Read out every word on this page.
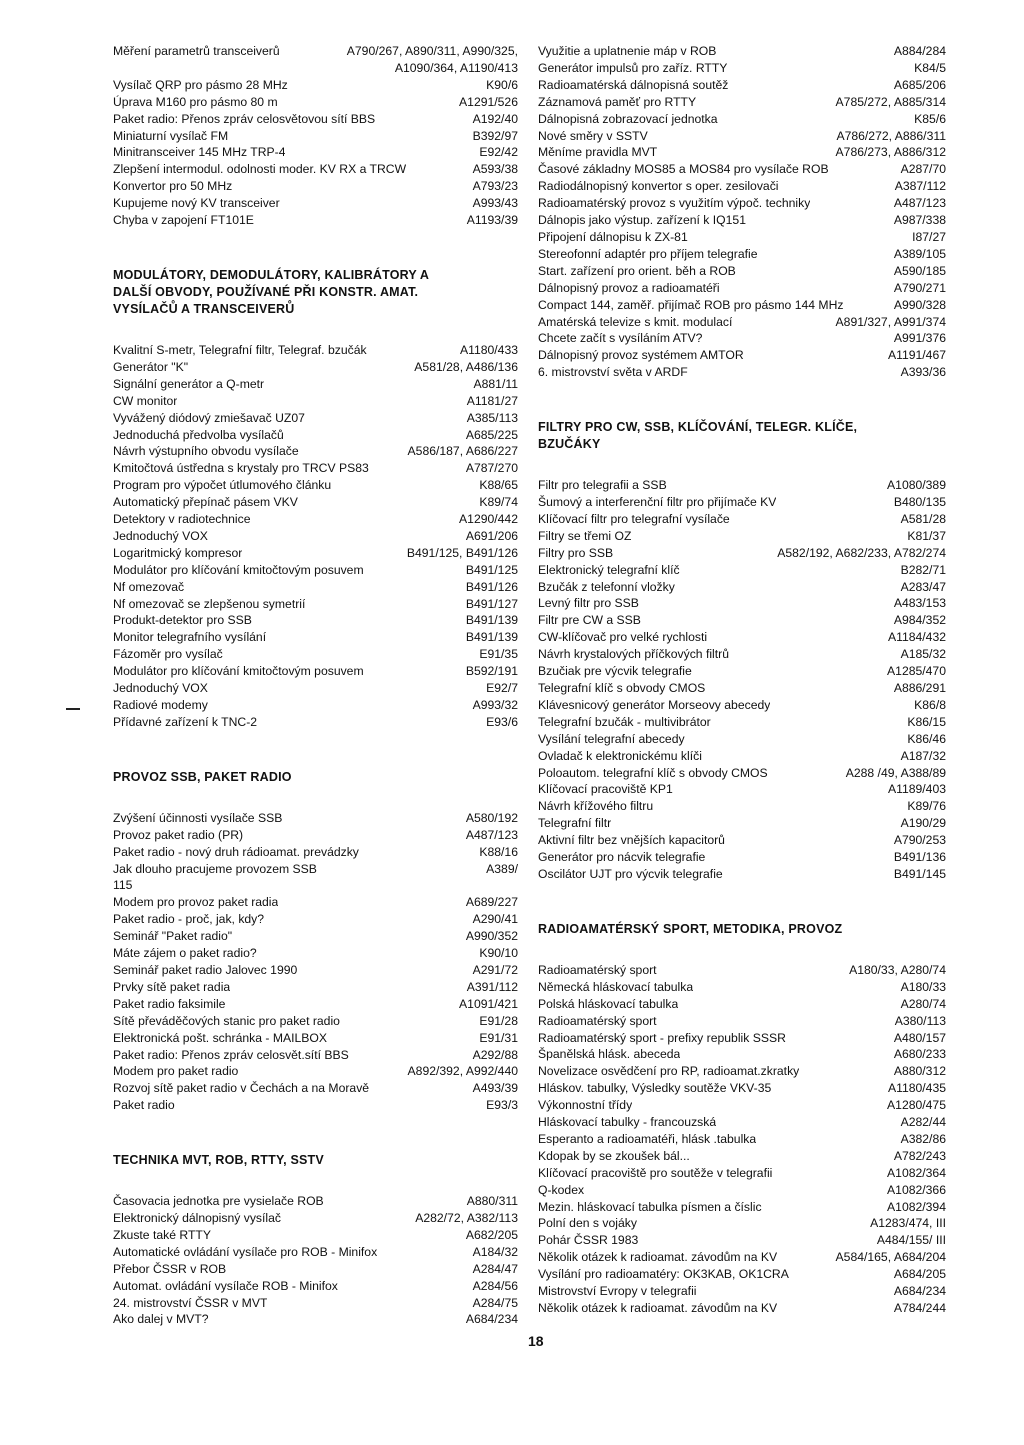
Měření parametrů transceiverů	A790/267, A890/311, A990/325,
A1090/364, A1190/413
Vysílač QRP pro pásmo 28 MHz	K90/6
Úprava M160 pro pásmo 80 m	A1291/526
Paket radio: Přenos zpráv celosvětovou sítí BBS	A192/40
Miniaturní vysílač FM	B392/97
Minitransceiver 145 MHz TRP-4	E92/42
Zlepšení intermodul. odolnosti moder. KV RX a TRCW	A593/38
Konvertor pro 50 MHz	A793/23
Kupujeme nový KV transceiver	A993/43
Chyba v zapojení FT101E	A1193/39
MODULÁTORY, DEMODULÁTORY, KALIBRÁTORY A
DALŠÍ OBVODY, POUŽÍVANÉ PŘI KONSTR. AMAT.
VYSÍLAČŮ A TRANSCEIVERŮ
Kvalitní S-metr, Telegrafní filtr, Telegraf. bzučák	A1180/433
Generátor "K"	A581/28, A486/136
Signální generátor a Q-metr	A881/11
CW monitor	A1181/27
Vyvážený diódový zmiešavač UZ07	A385/113
Jednoduchá předvolba vysílačů	A685/225
Návrh výstupního obvodu vysílače	A586/187, A686/227
Kmitočtová ústředna s krystaly pro TRCV PS83	A787/270
Program pro výpočet útlumového článku	K88/65
Automatický přepínač pásem VKV	K89/74
Detektory v radiotechnice	A1290/442
Jednoduchý VOX	A691/206
Logaritmický kompresor	B491/125, B491/126
Modulátor pro klíčování kmitočtovým posuvem	B491/125
Nf omezovač	B491/126
Nf omezovač se zlepšenou symetrií	B491/127
Produkt-detektor pro SSB	B491/139
Monitor telegrafního vysílání	B491/139
Fázoměr pro vysílač	E91/35
Modulátor pro klíčování kmitočtovým posuvem	B592/191
Jednoduchý VOX	E92/7
Radiové modemy	A993/32
Přídavné zařízení k TNC-2	E93/6
PROVOZ SSB, PAKET RADIO
Zvýšení účinnosti vysílače SSB	A580/192
Provoz paket radio (PR)	A487/123
Paket radio - nový druh rádioamat. prevádzky	K88/16
Jak dlouho pracujeme provozem SSB	A389/
115
Modem pro provoz paket radia	A689/227
Paket radio - proč, jak, kdy?	A290/41
Seminář "Paket radio"	A990/352
Máte zájem o paket radio?	K90/10
Seminář paket radio Jalovec 1990	A291/72
Prvky sítě paket radia	A391/112
Paket radio faksimile	A1091/421
Sítě převáděčových stanic pro paket radio	E91/28
Elektronická pošt. schránka - MAILBOX	E91/31
Paket radio: Přenos zpráv celosvět.sítí BBS	A292/88
Modem pro paket radio	A892/392, A992/440
Rozvoj sítě paket radio v Čechách a na Moravě	A493/39
Paket radio	E93/3
TECHNIKA MVT, ROB, RTTY, SSTV
Časovacia jednotka pre vysielače ROB	A880/311
Elektronický dálnopisný vysílač	A282/72, A382/113
Zkuste také RTTY	A682/205
Automatické ovládání vysílače pro ROB - Minifox	A184/32
Přebor ČSSR v ROB	A284/47
Automat. ovládání vysílače ROB - Minifox	A284/56
24. mistrovství ČSSR v MVT	A284/75
Ako dalej v MVT?	A684/234
Využitie a uplatnenie máp v ROB	A884/284
Generátor impulsů pro zaříz. RTTY	K84/5
Radioamatérská dálnopisná soutěž	A685/206
Záznamová paměť pro RTTY	A785/272, A885/314
Dálnopisná zobrazovací jednotka	K85/6
Nové směry v SSTV	A786/272, A886/311
Měníme pravidla MVT	A786/273, A886/312
Časové základny MOS85 a MOS84 pro vysílače ROB	A287/70
Radiodálnopisný konvertor s oper. zesilovači	A387/112
Radioamatérský provoz s využitím výpoč. techniky	A487/123
Dálnopis jako výstup. zařízení k IQ151	A987/338
Připojení dálnopisu k ZX-81	I87/27
Stereofonní adaptér pro příjem telegrafie	A389/105
Start. zařízení pro orient. běh a ROB	A590/185
Dálnopisný provoz a radioamatéři	A790/271
Compact 144, zaměř. přijímač ROB pro pásmo 144 MHz	A990/328
Amatérská televize s kmit. modulací	A891/327, A991/374
Chcete začít s vysíláním ATV?	A991/376
Dálnopisný provoz systémem AMTOR	A1191/467
6. mistrovství světa v ARDF	A393/36
FILTRY PRO CW, SSB, KLÍČOVÁNÍ, TELEGR. KLÍČE,
BZUČÁKY
Filtr pro telegrafii a SSB	A1080/389
Šumový a interferenční filtr pro přijímače KV	B480/135
Klíčovací filtr pro telegrafní vysílače	A581/28
Filtry se třemi OZ	K81/37
Filtry pro SSB	A582/192, A682/233, A782/274
Elektronický telegrafní klíč	B282/71
Bzučák z telefonní vložky	A283/47
Levný filtr pro SSB	A483/153
Filtr pre CW a SSB	A984/352
CW-klíčovač pro velké rychlosti	A1184/432
Návrh krystalových příčkových filtrů	A185/32
Bzučiak pre výcvik telegrafie	A1285/470
Telegrafní klíč s obvody CMOS	A886/291
Klávesnicový generátor Morseovy abecedy	K86/8
Telegrafní bzučák - multivibrátor	K86/15
Vysílání telegrafní abecedy	K86/46
Ovladač k elektronickému klíči	A187/32
Poloautom. telegrafní klíč s obvody CMOS	A288 /49, A388/89
Klíčovací pracoviště KP1	A1189/403
Návrh křížového filtru	K89/76
Telegrafní filtr	A190/29
Aktivní filtr bez vnějších kapacitorů	A790/253
Generátor pro nácvik telegrafie	B491/136
Oscilátor UJT pro výcvik telegrafie	B491/145
RADIOAMATÉRSKÝ SPORT, METODIKA, PROVOZ
Radioamatérský sport	A180/33, A280/74
Německá hláskovací tabulka	A180/33
Polská hláskovací tabulka	A280/74
Radioamatérský sport	A380/113
Radioamatérský sport - prefixy republik SSSR	A480/157
Španělská hlásk. abeceda	A680/233
Novelizace osvědčení pro RP, radioamat.zkratky	A880/312
Hláskov. tabulky, Výsledky soutěže VKV-35	A1180/435
Výkonnostní třídy	A1280/475
Hláskovací tabulky - francouzská	A282/44
Esperanto a radioamatéři, hlásk .tabulka	A382/86
Kdopak by se zkoušek bál...	A782/243
Klíčovací pracoviště pro soutěže v telegrafii	A1082/364
Q-kodex	A1082/366
Mezin. hláskovací tabulka písmen a číslic	A1082/394
Polní den s vojáky	A1283/474, III
Pohár ČSSR 1983	A484/155/ III
Několik otázek k radioamat. závodům na KV	A584/165, A684/204
Vysílání pro radioamatéry: OK3KAB, OK1CRA	A684/205
Mistrovství Evropy v telegrafii	A684/234
Několik otázek k radioamat. závodům na KV	A784/244
18
